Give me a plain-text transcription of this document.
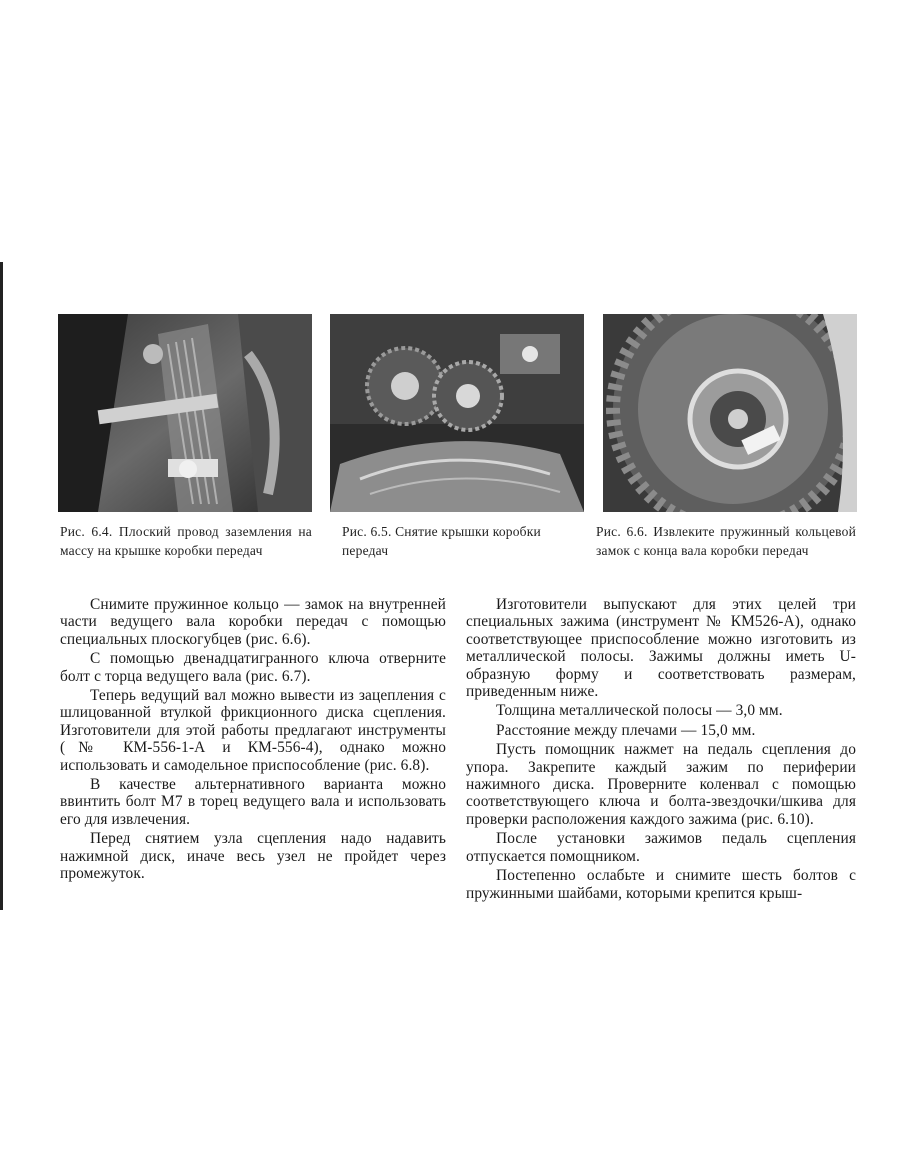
Рис. 6.4. Плоский провод заземления на массу на крышке коробки передач
Рис. 6.5. Снятие крышки коробки передач
Рис. 6.6. Извлеките пружинный кольцевой замок с конца вала коробки передач

Снимите пружинное кольцо — замок на внутренней части ведущего вала коробки передач с помощью специальных плоскогубцев (рис. 6.6).

С помощью двенадцатигранного ключа отверните болт с торца ведущего вала (рис. 6.7).

Теперь ведущий вал можно вывести из зацепления с шлицованной втулкой фрикционного диска сцепления. Изготовители для этой работы предлагают инструменты (№ КМ-556-1-А и КМ-556-4), однако можно использовать и самодельное приспособление (рис. 6.8).

В качестве альтернативного варианта можно ввинтить болт М7 в торец ведущего вала и использовать его для извлечения.

Перед снятием узла сцепления надо надавить нажимной диск, иначе весь узел не пройдет через промежуток.

Изготовители выпускают для этих целей три специальных зажима (инструмент № КМ526-А), однако соответствующее приспособление можно изготовить из металлической полосы. Зажимы должны иметь U-образную форму и соответствовать размерам, приведенным ниже.

Толщина металлической полосы — 3,0 мм.

Расстояние между плечами — 15,0 мм.

Пусть помощник нажмет на педаль сцепления до упора. Закрепите каждый зажим по периферии нажимного диска. Проверните коленвал с помощью соответствующего ключа и болта-звездочки/шкива для проверки расположения каждого зажима (рис. 6.10).

После установки зажимов педаль сцепления отпускается помощником.

Постепенно ослабьте и снимите шесть болтов с пружинными шайбами, которыми крепится крыш-
